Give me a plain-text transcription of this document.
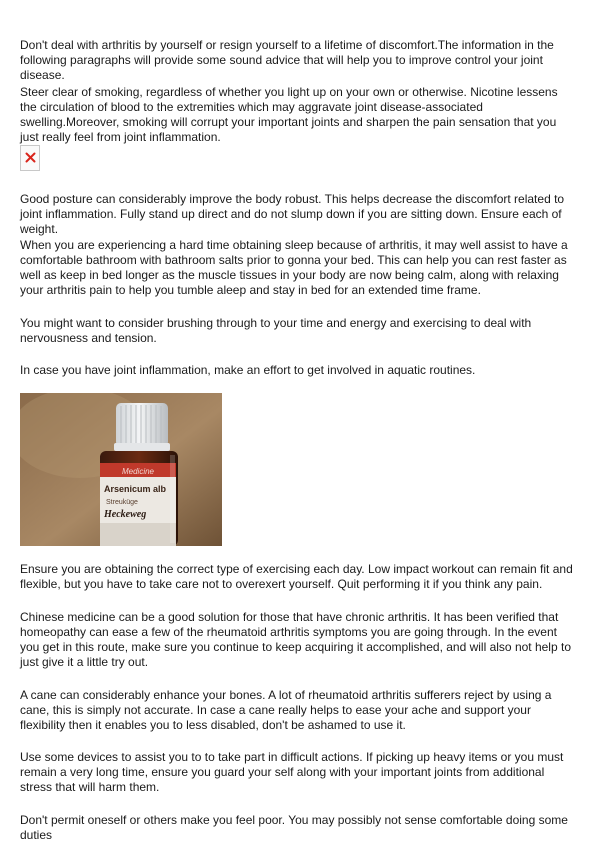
Don't deal with arthritis by yourself or resign yourself to a lifetime of discomfort.The information in the following paragraphs will provide some sound advice that will help you to improve control your joint disease.

Steer clear of smoking, regardless of whether you light up on your own or otherwise. Nicotine lessens the circulation of blood to the extremities which may aggravate joint disease-associated swelling.Moreover, smoking will corrupt your important joints and sharpen the pain sensation that you just really feel from joint inflammation.

Good posture can considerably improve the body robust. This helps decrease the discomfort related to joint inflammation. Fully stand up direct and do not slump down if you are sitting down. Ensure each of weight.

When you are experiencing a hard time obtaining sleep because of arthritis, it may well assist to have a comfortable bathroom with bathroom salts prior to gonna your bed. This can help you can rest faster as well as keep in bed longer as the muscle tissues in your body are now being calm, along with relaxing your arthritis pain to help you tumble aleep and stay in bed for an extended time frame.

You might want to consider brushing through to your time and energy and exercising to deal with nervousness and tension.

In case you have joint inflammation, make an effort to get involved in aquatic routines.

Medicine
Arsenicum alb
Streuküge
Heckeweg

Ensure you are obtaining the correct type of exercising each day. Low impact workout can remain fit and flexible, but you have to take care not to overexert yourself. Quit performing it if you think any pain.

Chinese medicine can be a good solution for those that have chronic arthritis. It has been verified that homeopathy can ease a few of the rheumatoid arthritis symptoms you are going through. In the event you get in this route, make sure you continue to keep acquiring it accomplished, and will also not help to just give it a little try out.

A cane can considerably enhance your bones. A lot of rheumatoid arthritis sufferers reject by using a cane, this is simply not accurate. In case a cane really helps to ease your ache and support your flexibility then it enables you to less disabled, don't be ashamed to use it.

Use some devices to assist you to to take part in difficult actions. If picking up heavy items or you must remain a very long time, ensure you guard your self along with your important joints from additional stress that will harm them.

Don't permit oneself or others make you feel poor. You may possibly not sense comfortable doing some duties
